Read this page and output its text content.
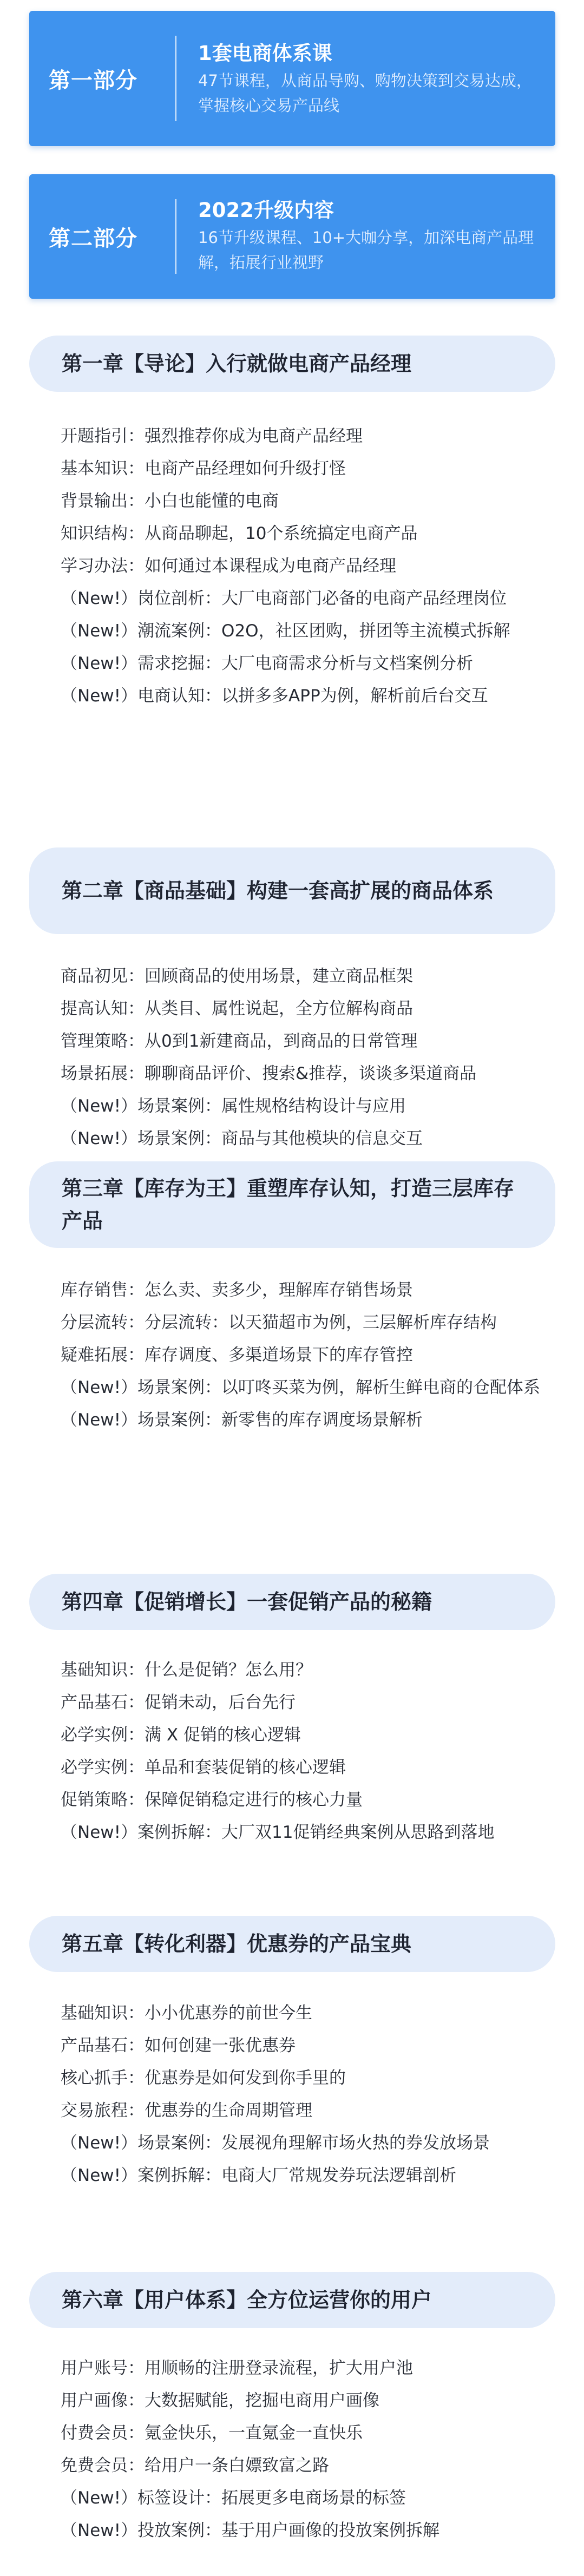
第一部分
1套电商体系课
47节课程，从商品导购、购物决策到交易达成，掌握核心交易产品线
第二部分
2022升级内容
16节升级课程、10+大咖分享，加深电商产品理解，拓展行业视野
第一章【导论】入行就做电商产品经理
开题指引：强烈推荐你成为电商产品经理
基本知识：电商产品经理如何升级打怪
背景输出：小白也能懂的电商
知识结构：从商品聊起，10个系统搞定电商产品
学习办法：如何通过本课程成为电商产品经理
（New!）岗位剖析：大厂电商部门必备的电商产品经理岗位
（New!）潮流案例：O2O，社区团购，拼团等主流模式拆解
（New!）需求挖掘：大厂电商需求分析与文档案例分析
（New!）电商认知：以拼多多APP为例，解析前后台交互
第二章【商品基础】构建一套高扩展的商品体系
商品初见：回顾商品的使用场景，建立商品框架
提高认知：从类目、属性说起，全方位解构商品
管理策略：从0到1新建商品，到商品的日常管理
场景拓展：聊聊商品评价、搜索&推荐，谈谈多渠道商品
（New!）场景案例：属性规格结构设计与应用
（New!）场景案例：商品与其他模块的信息交互
第三章【库存为王】重塑库存认知，打造三层库存产品
库存销售：怎么卖、卖多少，理解库存销售场景
分层流转：分层流转：以天猫超市为例，三层解析库存结构
疑难拓展：库存调度、多渠道场景下的库存管控
（New!）场景案例：以叮咚买菜为例，解析生鲜电商的仓配体系
（New!）场景案例：新零售的库存调度场景解析
第四章【促销增长】一套促销产品的秘籍
基础知识：什么是促销？怎么用？
产品基石：促销未动，后台先行
必学实例：满 X 促销的核心逻辑
必学实例：单品和套装促销的核心逻辑
促销策略：保障促销稳定进行的核心力量
（New!）案例拆解：大厂双11促销经典案例从思路到落地
第五章【转化利器】优惠券的产品宝典
基础知识：小小优惠券的前世今生
产品基石：如何创建一张优惠券
核心抓手：优惠券是如何发到你手里的
交易旅程：优惠券的生命周期管理
（New!）场景案例：发展视角理解市场火热的券发放场景
（New!）案例拆解：电商大厂常规发券玩法逻辑剖析
第六章【用户体系】全方位运营你的用户
用户账号：用顺畅的注册登录流程，扩大用户池
用户画像：大数据赋能，挖掘电商用户画像
付费会员：氪金快乐，一直氪金一直快乐
免费会员：给用户一条白嫖致富之路
（New!）标签设计：拓展更多电商场景的标签
（New!）投放案例：基于用户画像的投放案例拆解
